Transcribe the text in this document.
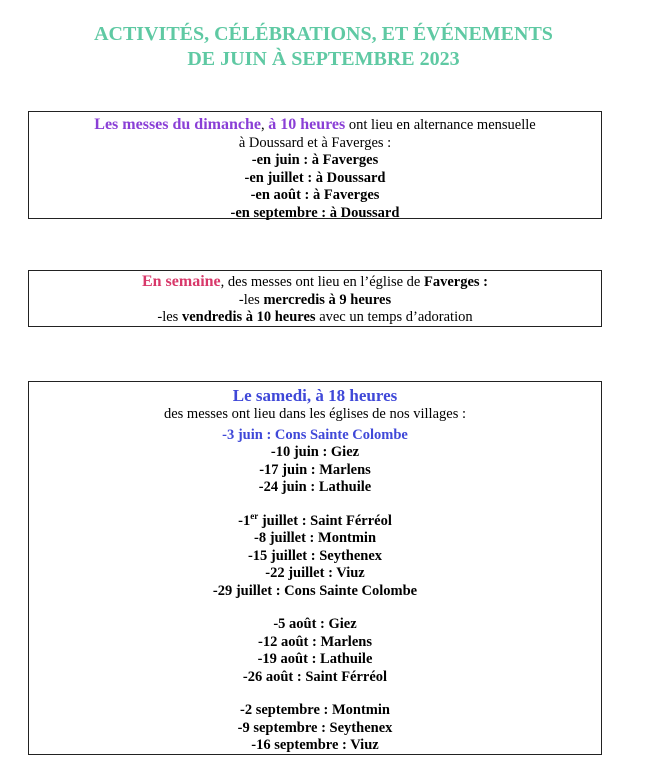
ACTIVITÉS, CÉLÉBRATIONS, ET ÉVÉNEMENTS
DE JUIN À SEPTEMBRE 2023
Les messes du dimanche, à 10 heures ont lieu en alternance mensuelle
à Doussard et à Faverges :
-en juin : à Faverges
-en juillet : à Doussard
-en août : à Faverges
-en septembre : à Doussard
En semaine, des messes ont lieu en l’église de Faverges :
-les mercredis à 9 heures
-les vendredis à 10 heures avec un temps d’adoration
Le samedi, à 18 heures
des messes ont lieu dans les églises de nos villages :
-3 juin : Cons Sainte Colombe
-10 juin : Giez
-17 juin : Marlens
-24 juin : Lathuile
-1er juillet : Saint Férréol
-8 juillet : Montmin
-15 juillet : Seythenex
-22 juillet : Viuz
-29 juillet : Cons Sainte Colombe
-5 août : Giez
-12 août : Marlens
-19 août : Lathuile
-26 août : Saint Férréol
-2 septembre : Montmin
-9 septembre : Seythenex
-16 septembre : Viuz
